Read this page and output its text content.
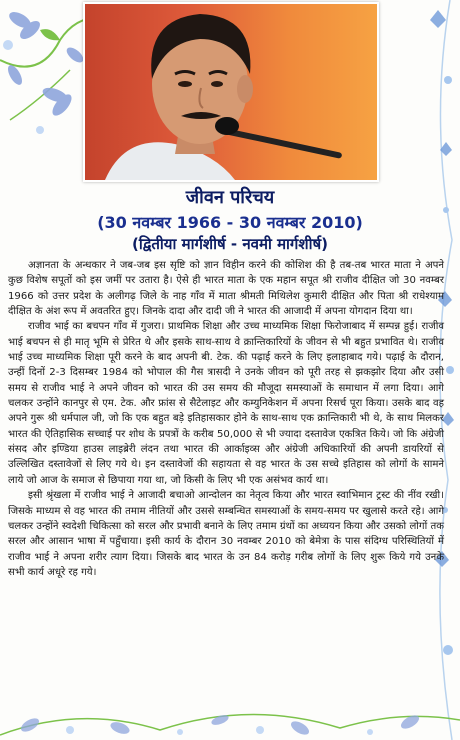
जीवन परिचय
(30 नवम्बर 1966 - 30 नवम्बर 2010)
(द्वितीया मार्गशीर्ष - नवमी मार्गशीर्ष)

अज्ञानता के अन्धकार ने जब-जब इस सृष्टि को ज्ञान विहीन करने की कोशिश की है तब-तब भारत माता ने अपने कुछ विशेष सपूतों को इस जमीं पर उतारा है। ऐसे ही भारत माता के एक महान सपूत श्री राजीव दीक्षित जो 30 नवम्बर 1966 को उत्तर प्रदेश के अलीगढ़ जिले के नाह गाँव में माता श्रीमती मिथिलेश कुमारी दीक्षित और पिता श्री राधेश्याम दीक्षित के अंश रूप में अवतरित हुए। जिनके दादा और दादी जी ने भारत की आजादी में अपना योगदान दिया था।

राजीव भाई का बचपन गाँव में गुजरा। प्राथमिक शिक्षा और उच्च माध्यमिक शिक्षा फिरोजाबाद में सम्पन्न हुई। राजीव भाई बचपन से ही मातृ भूमि से प्रेरित थे और इसके साथ-साथ वे क्रान्तिकारियों के जीवन से भी बहुत प्रभावित थे। राजीव भाई उच्च माध्यमिक शिक्षा पूरी करने के बाद अपनी बी. टेक. की पढ़ाई करने के लिए इलाहाबाद गये। पढ़ाई के दौरान, उन्हीं दिनों 2-3 दिसम्बर 1984 को भोपाल की गैस त्रासदी ने उनके जीवन को पूरी तरह से झकझोर दिया और उसी समय से राजीव भाई ने अपने जीवन को भारत की उस समय की मौजूदा समस्याओं के समाधान में लगा दिया। आगे चलकर उन्होंने कानपुर से एम. टेक. और फ्रांस से सैटेलाइट और कम्युनिकेशन में अपना रिसर्च पूरा किया। उसके बाद वह अपने गुरू श्री धर्मपाल जी, जो कि एक बहुत बड़े इतिहासकार होने के साथ-साथ एक क्रान्तिकारी भी थे, के साथ मिलकर भारत की ऐतिहासिक सच्चाई पर शोध के प्रपत्रों के करीब 50,000 से भी ज्यादा दस्तावेज एकत्रित किये। जो कि अंग्रेजी संसद और इण्डिया हाउस लाइब्रेरी लंदन तथा भारत की आर्काइव्स और अंग्रेजी अधिकारियों की अपनी डायरियों से उल्लिखित दस्तावेजों से लिए गये थे। इन दस्तावेजों की सहायता से वह भारत के उस सच्चे इतिहास को लोगों के सामने लाये जो आज के समाज से छिपाया गया था, जो किसी के लिए भी एक असंभव कार्य था।

इसी श्रृंखला में राजीव भाई ने आजादी बचाओ आन्दोलन का नेतृत्व किया और भारत स्वाभिमान ट्रस्ट की नींव रखी। जिसके माध्यम से वह भारत की तमाम नीतियों और उससे सम्बन्धित समस्याओं के समय-समय पर खुलासे करते रहे। आगे चलकर उन्होंने स्वदेशी चिकित्सा को सरल और प्रभावी बनाने के लिए तमाम ग्रंथों का अध्ययन किया और उसको लोगों तक सरल और आसान भाषा में पहुँचाया। इसी कार्य के दौरान 30 नवम्बर 2010 को बेमेत्रा के पास संदिग्ध परिस्थितियों में राजीव भाई ने अपना शरीर त्याग दिया। जिसके बाद भारत के उन 84 करोड़ गरीब लोगों के लिए शुरू किये गये उनके सभी कार्य अधूरे रह गये।
